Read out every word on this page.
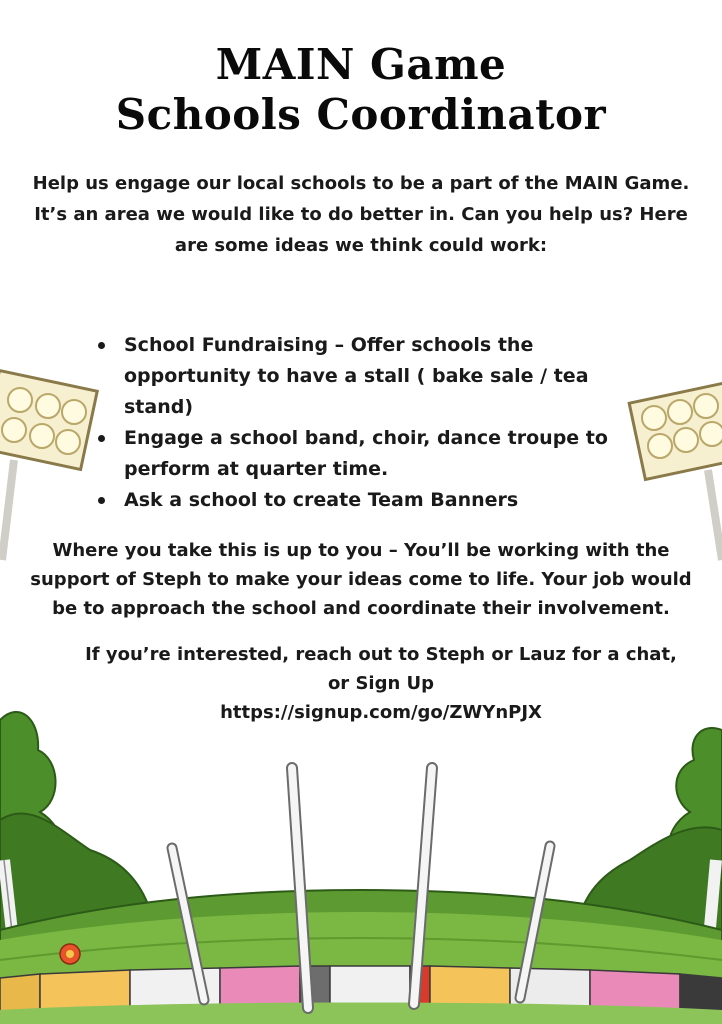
MAIN Game
Schools Coordinator
Help us engage our local schools to be a part of the MAIN Game.
It’s an area we would like to do better in. Can you help us? Here
are some ideas we think could work:
School Fundraising – Offer schools the
opportunity to have a stall ( bake sale / tea stand)
Engage a school band, choir, dance troupe to
perform at quarter time.
Ask a school to create Team Banners
Where you take this is up to you – You’ll be working with the
support of Steph to make your ideas come to life. Your job would
be to approach the school and coordinate their involvement.
If you’re interested, reach out to Steph or Lauz for a chat,
or Sign Up
https://signup.com/go/ZWYnPJX
